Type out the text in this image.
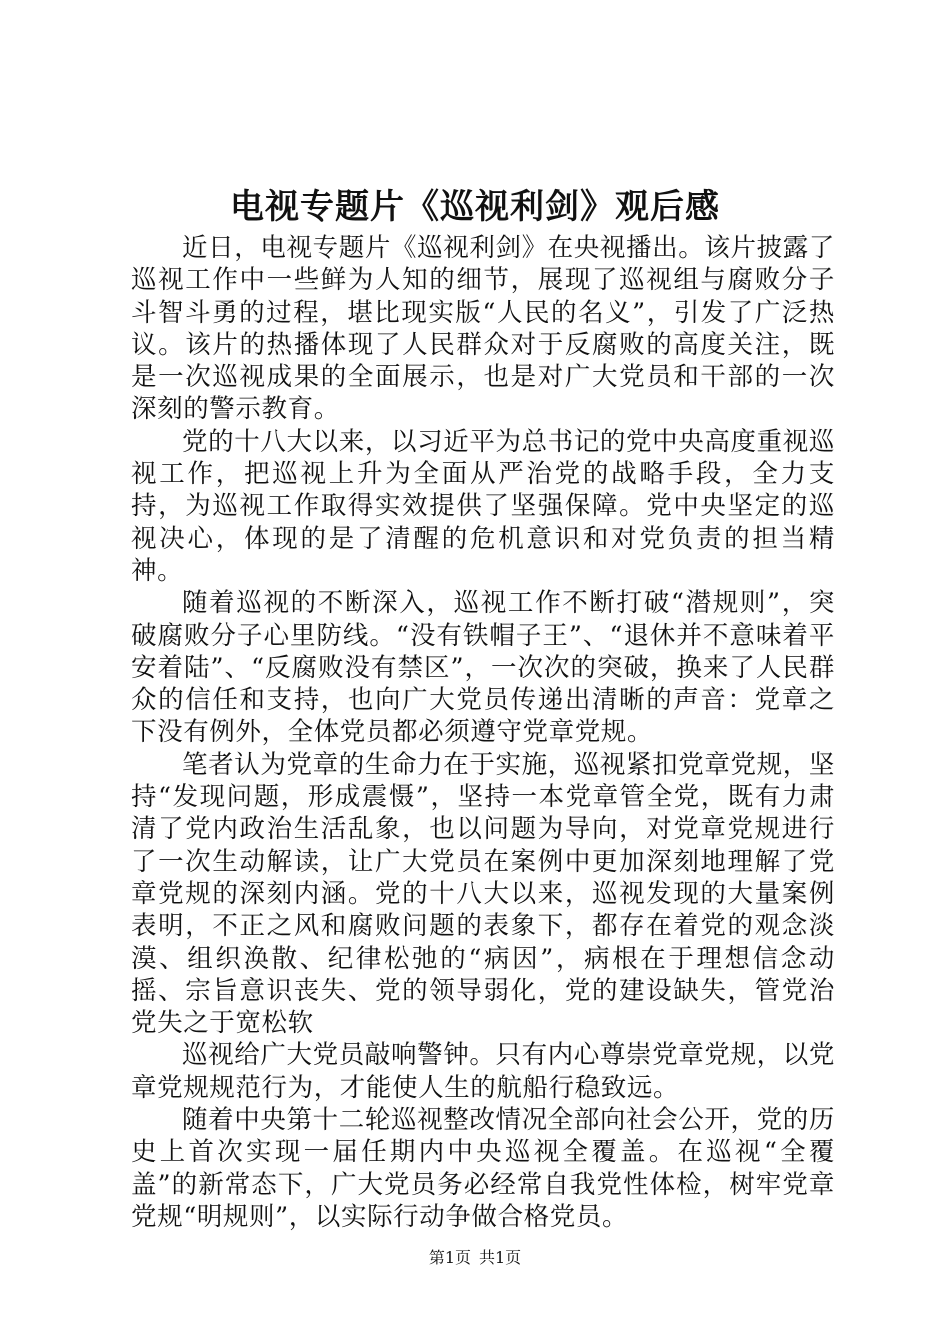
电视专题片《巡视利剑》观后感

近日，电视专题片《巡视利剑》在央视播出。该片披露了巡视工作中一些鲜为人知的细节，展现了巡视组与腐败分子斗智斗勇的过程，堪比现实版“人民的名义”，引发了广泛热议。该片的热播体现了人民群众对于反腐败的高度关注，既是一次巡视成果的全面展示，也是对广大党员和干部的一次深刻的警示教育。

党的十八大以来，以习近平为总书记的党中央高度重视巡视工作，把巡视上升为全面从严治党的战略手段，全力支持，为巡视工作取得实效提供了坚强保障。党中央坚定的巡视决心，体现的是了清醒的危机意识和对党负责的担当精神。

随着巡视的不断深入，巡视工作不断打破“潜规则”，突破腐败分子心里防线。“没有铁帽子王”、“退休并不意味着平安着陆”、“反腐败没有禁区”，一次次的突破，换来了人民群众的信任和支持，也向广大党员传递出清晰的声音：党章之下没有例外，全体党员都必须遵守党章党规。

笔者认为党章的生命力在于实施，巡视紧扣党章党规，坚持“发现问题，形成震慑”，坚持一本党章管全党，既有力肃清了党内政治生活乱象，也以问题为导向，对党章党规进行了一次生动解读，让广大党员在案例中更加深刻地理解了党章党规的深刻内涵。党的十八大以来，巡视发现的大量案例表明，不正之风和腐败问题的表象下，都存在着党的观念淡漠、组织涣散、纪律松弛的“病因”，病根在于理想信念动摇、宗旨意识丧失、党的领导弱化，党的建设缺失，管党治党失之于宽松软

巡视给广大党员敲响警钟。只有内心尊崇党章党规，以党章党规规范行为，才能使人生的航船行稳致远。

随着中央第十二轮巡视整改情况全部向社会公开，党的历史上首次实现一届任期内中央巡视全覆盖。在巡视“全覆盖”的新常态下，广大党员务必经常自我党性体检，树牢党章党规“明规则”，以实际行动争做合格党员。

第1页 共1页
